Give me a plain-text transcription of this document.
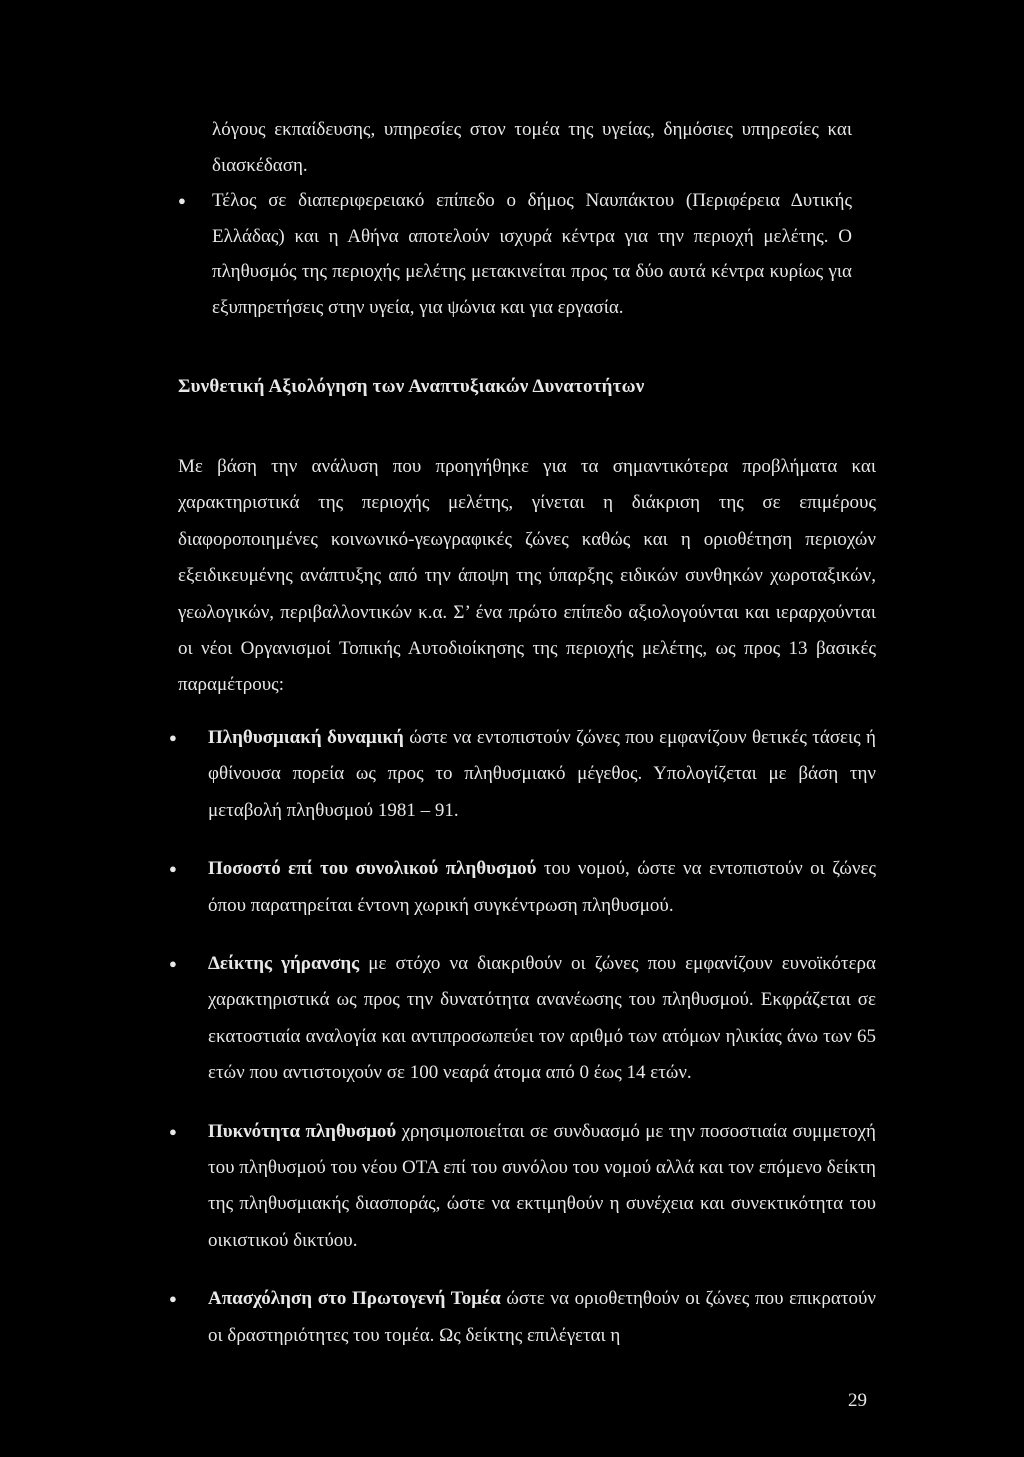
λόγους εκπαίδευσης, υπηρεσίες στον τομέα της υγείας, δημόσιες υπηρεσίες και διασκέδαση.
● Τέλος σε διαπεριφερειακό επίπεδο ο δήμος Ναυπάκτου (Περιφέρεια Δυτικής Ελλάδας) και η Αθήνα αποτελούν ισχυρά κέντρα για την περιοχή μελέτης. Ο πληθυσμός της περιοχής μελέτης μετακινείται προς τα δύο αυτά κέντρα κυρίως για εξυπηρετήσεις στην υγεία, για ψώνια και για εργασία.
Συνθετική Αξιολόγηση των Αναπτυξιακών Δυνατοτήτων

Με βάση την ανάλυση που προηγήθηκε για τα σημαντικότερα προβλήματα και χαρακτηριστικά της περιοχής μελέτης, γίνεται η διάκριση της σε επιμέρους διαφοροποιημένες κοινωνικό-γεωγραφικές ζώνες καθώς και η οριοθέτηση περιοχών εξειδικευμένης ανάπτυξης από την άποψη της ύπαρξης ειδικών συνθηκών χωροταξικών, γεωλογικών, περιβαλλοντικών κ.α. Σ’ ένα πρώτο επίπεδο αξιολογούνται και ιεραρχούνται οι νέοι Οργανισμοί Τοπικής Αυτοδιοίκησης της περιοχής μελέτης, ως προς 13 βασικές παραμέτρους:

● Πληθυσμιακή δυναμική ώστε να εντοπιστούν ζώνες που εμφανίζουν θετικές τάσεις ή φθίνουσα πορεία ως προς το πληθυσμιακό μέγεθος. Υπολογίζεται με βάση την μεταβολή πληθυσμού 1981 – 91.
● Ποσοστό επί του συνολικού πληθυσμού του νομού, ώστε να εντοπιστούν οι ζώνες όπου παρατηρείται έντονη χωρική συγκέντρωση πληθυσμού.
● Δείκτης γήρανσης με στόχο να διακριθούν οι ζώνες που εμφανίζουν ευνοϊκότερα χαρακτηριστικά ως προς την δυνατότητα ανανέωσης του πληθυσμού. Εκφράζεται σε εκατοστιαία αναλογία και αντιπροσωπεύει τον αριθμό των ατόμων ηλικίας άνω των 65 ετών που αντιστοιχούν σε 100 νεαρά άτομα από 0 έως 14 ετών.
● Πυκνότητα πληθυσμού χρησιμοποιείται σε συνδυασμό με την ποσοστιαία συμμετοχή του πληθυσμού του νέου ΟΤΑ επί του συνόλου του νομού αλλά και τον επόμενο δείκτη της πληθυσμιακής διασποράς, ώστε να εκτιμηθούν η συνέχεια και συνεκτικότητα του οικιστικού δικτύου.
● Απασχόληση στο Πρωτογενή Τομέα ώστε να οριοθετηθούν οι ζώνες που επικρατούν οι δραστηριότητες του τομέα. Ως δείκτης επιλέγεται η
29
